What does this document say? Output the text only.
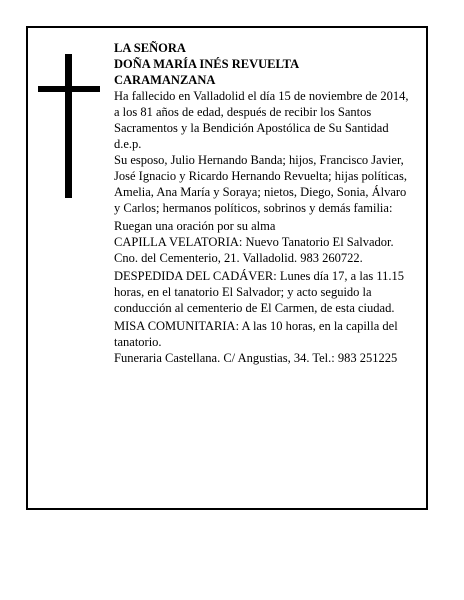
LA SEÑORA

DOÑA MARÍA INÉS REVUELTA

CARAMANZANA

Ha fallecido en Valladolid el día 15 de noviembre de 2014, a los 81 años de edad, después de recibir los Santos Sacramentos y la Bendición Apostólica de Su Santidad

d.e.p.

Su esposo, Julio Hernando Banda; hijos, Francisco Javier, José Ignacio y Ricardo Hernando Revuelta; hijas políticas, Amelia, Ana María y Soraya; nietos, Diego, Sonia, Álvaro y Carlos; hermanos políticos, sobrinos y demás familia:

Ruegan una oración por su alma

CAPILLA VELATORIA: Nuevo Tanatorio El Salvador. Cno. del Cementerio, 21. Valladolid. 983 260722.

DESPEDIDA DEL CADÁVER: Lunes día 17, a las 11.15 horas, en el tanatorio El Salvador; y acto seguido la conducción al cementerio de El Carmen, de esta ciudad.

MISA COMUNITARIA: A las 10 horas, en la capilla del tanatorio.

Funeraria Castellana. C/ Angustias, 34. Tel.: 983 251225
